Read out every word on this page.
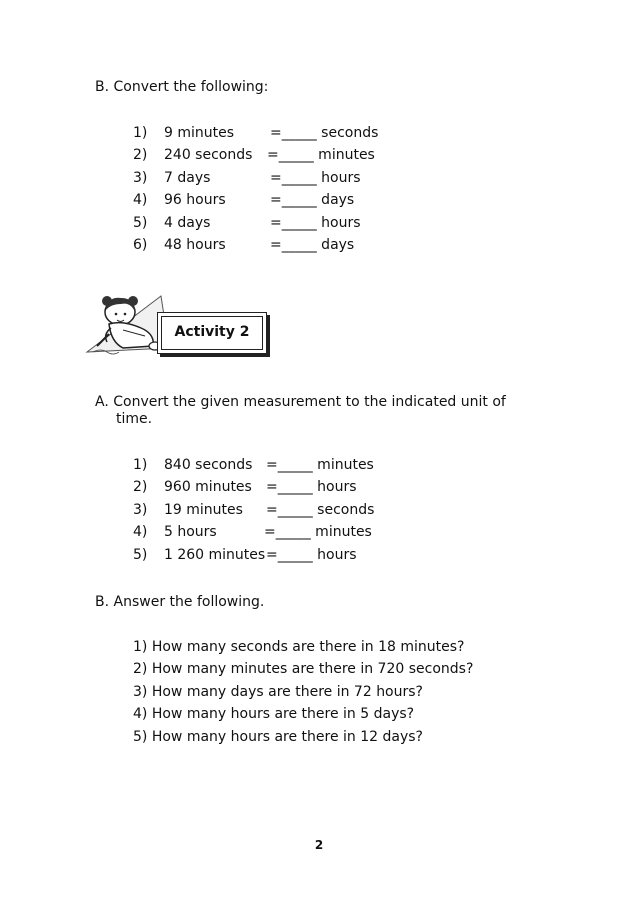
B. Convert the following:
1) 9 minutes	=_____ seconds
2) 240 seconds =_____ minutes
3) 7 days	=_____ hours
4) 96 hours	=_____ days
5) 4 days	=_____ hours
6) 48 hours	=_____ days
Activity 2
A. Convert the given measurement to the indicated unit of
time.
1) 840 seconds =_____ minutes
2) 960 minutes =_____ hours
3) 19 minutes =_____ seconds
4) 5 hours	=_____ minutes
5) 1 260 minutes =_____ hours
B. Answer the following.
1) How many seconds are there in 18 minutes?
2) How many minutes are there in 720 seconds?
3) How many days are there in 72 hours?
4) How many hours are there in 5 days?
5) How many hours are there in 12 days?
2
